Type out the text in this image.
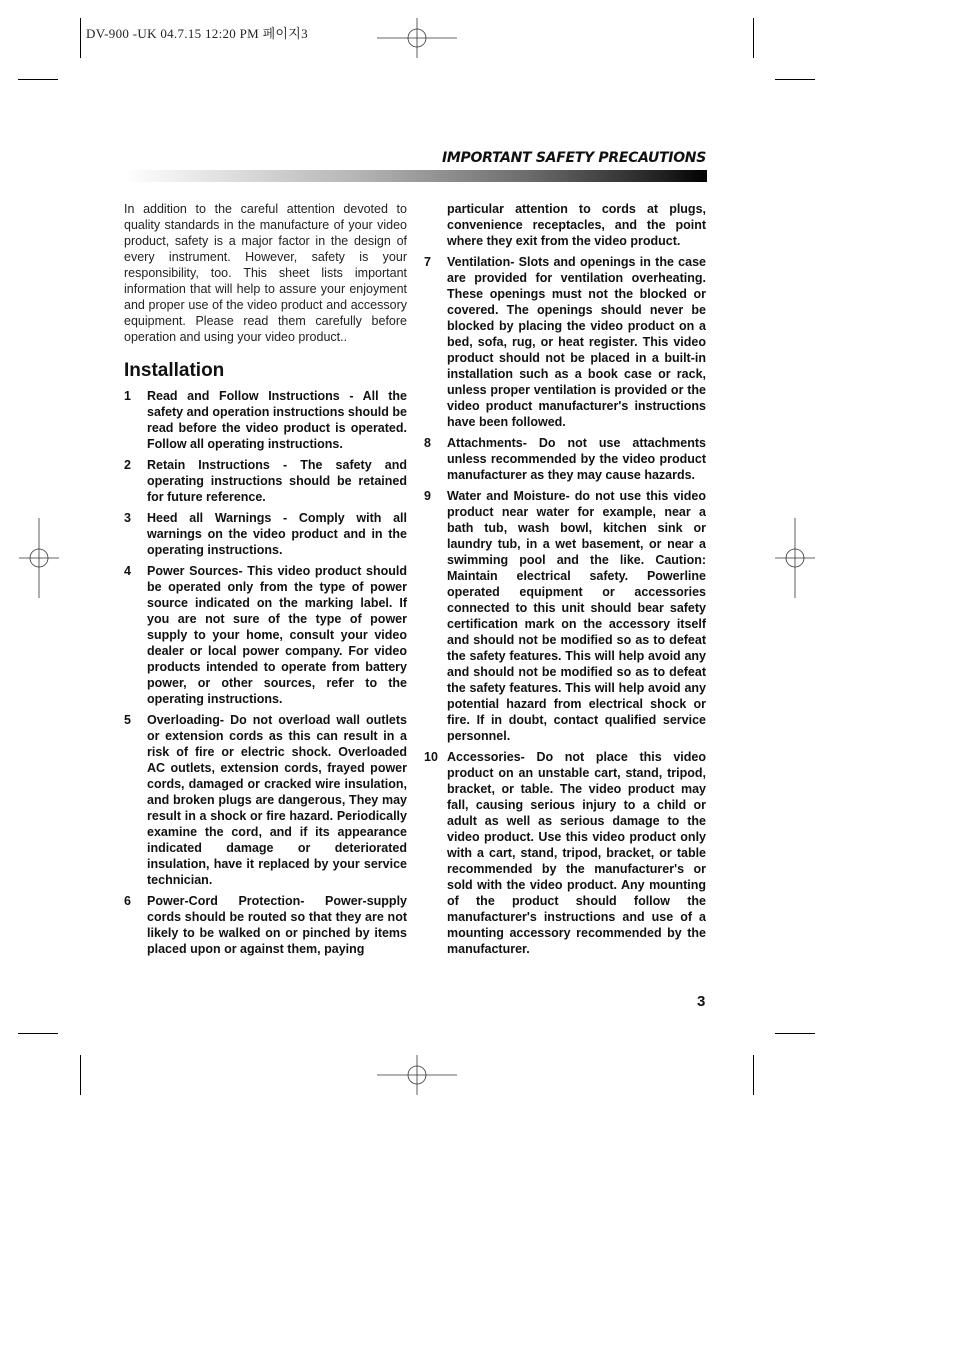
DV-900 -UK 04.7.15 12:20 PM 페이지3
IMPORTANT SAFETY PRECAUTIONS

In addition to the careful attention devoted to quality standards in the manufacture of your video product, safety is a major factor in the design of every instrument. However, safety is your responsibility, too. This sheet lists important information that will help to assure your enjoyment and proper use of the video product and accessory equipment. Please read them carefully before operation and using your video product..

Installation
1	Read and Follow Instructions - All the safety and operation instructions should be read before the video product is operated. Follow all operating instructions.
2	Retain Instructions - The safety and operating instructions should be retained for future reference.
3	Heed all Warnings - Comply with all warnings on the video product and in the operating instructions.
4	Power Sources- This video product should be operated only from the type of power source indicated on the marking label. If you are not sure of the type of power supply to your home, consult your video dealer or local power company. For video products intended to operate from battery power, or other sources, refer to the operating instructions.
5	Overloading- Do not overload wall outlets or extension cords as this can result in a risk of fire or electric shock. Overloaded AC outlets, extension cords, frayed power cords, damaged or cracked wire insulation, and broken plugs are dangerous, They may result in a shock or fire hazard. Periodically examine the cord, and if its appearance indicated damage or deteriorated insulation, have it replaced by your service technician.
6	Power-Cord Protection- Power-supply cords should be routed so that they are not likely to be walked on or pinched by items placed upon or against them, paying
particular attention to cords at plugs, convenience receptacles, and the point where they exit from the video product.
7	Ventilation- Slots and openings in the case are provided for ventilation overheating. These openings must not the blocked or covered. The openings should never be blocked by placing the video product on a bed, sofa, rug, or heat register. This video product should not be placed in a built-in installation such as a book case or rack, unless proper ventilation is provided or the video product manufacturer's instructions have been followed.
8	Attachments- Do not use attachments unless recommended by the video product manufacturer as they may cause hazards.
9	Water and Moisture- do not use this video product near water for example, near a bath tub, wash bowl, kitchen sink or laundry tub, in a wet basement, or near a swimming pool and the like. Caution: Maintain electrical safety. Powerline operated equipment or accessories connected to this unit should bear safety certification mark on the accessory itself and should not be modified so as to defeat the safety features. This will help avoid any and should not be modified so as to defeat the safety features. This will help avoid any potential hazard from electrical shock or fire. If in doubt, contact qualified service personnel.
10 Accessories- Do not place this video product on an unstable cart, stand, tripod, bracket, or table. The video product may fall, causing serious injury to a child or adult as well as serious damage to the video product. Use this video product only with a cart, stand, tripod, bracket, or table recommended by the manufacturer's or sold with the video product. Any mounting of the product should follow the manufacturer's instructions and use of a mounting accessory recommended by the manufacturer.
3
